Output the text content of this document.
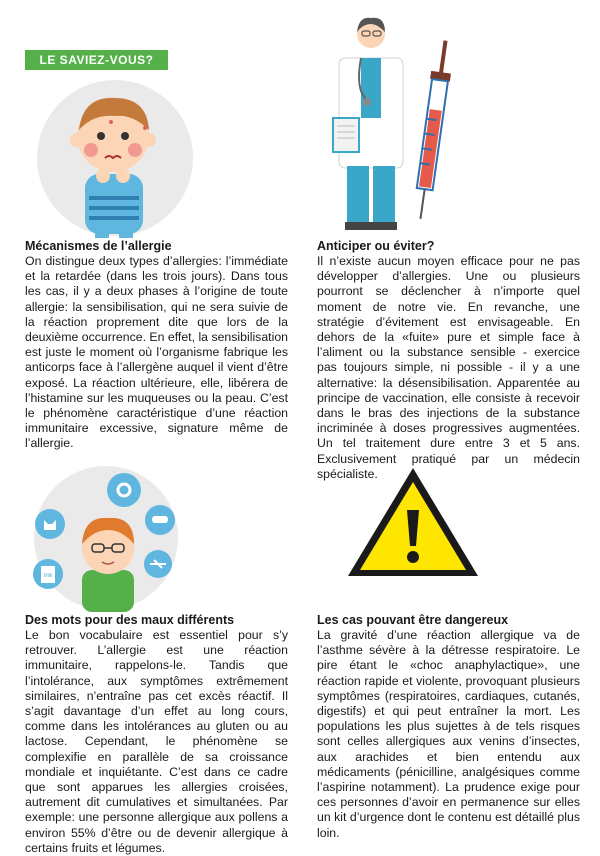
LE SAVIEZ-VOUS?
Mécanismes de l’allergie

On distingue deux types d’allergies: l’immédiate et la retardée (dans les trois jours). Dans tous les cas, il y a deux phases à l’origine de toute allergie: la sensibilisation, qui ne sera suivie de la réaction proprement dite que lors de la deuxième occurrence. En effet, la sensibilisation est juste le moment où l’organisme fabrique les anticorps face à l’allergène auquel il vient d’être exposé. La réaction ultérieure, elle, libérera de l’histamine sur les muqueuses ou la peau. C’est le phénomène caractéristique d’une réaction immunitaire excessive, signature même de l’allergie.

Anticiper ou éviter?

Il n’existe aucun moyen efficace pour ne pas développer d’allergies. Une ou plusieurs pourront se déclencher à n’importe quel moment de notre vie. En revanche, une stratégie d’évitement est envisageable. En dehors de la «fuite» pure et simple face à l’aliment ou la substance sensible - exercice pas toujours simple, ni possible - il y a une alternative: la désensibilisation. Apparentée au principe de vaccination, elle consiste à recevoir dans le bras des injections de la substance incriminée à doses progressives augmentées. Un tel traitement dure entre 3 et 5 ans. Exclusivement pratiqué par un médecin spécialiste.

Milk
Des mots pour des maux différents

Le bon vocabulaire est essentiel pour s’y retrouver. L’allergie est une réaction immunitaire, rappelons-le. Tandis que l’intolérance, aux symptômes extrêmement similaires, n’entraîne pas cet excès réactif. Il s’agit davantage d’un effet au long cours, comme dans les intolérances au gluten ou au lactose. Cependant, le phénomène se complexifie en parallèle de sa croissance mondiale et inquiétante. C’est dans ce cadre que sont apparues les allergies croisées, autrement dit cumulatives et simultanées. Par exemple: une personne allergique aux pollens a environ 55% d’être ou de devenir allergique à certains fruits et légumes.

Les cas pouvant être dangereux

La gravité d’une réaction allergique va de l’asthme sévère à la détresse respiratoire. Le pire étant le «choc anaphylactique», une réaction rapide et violente, provoquant plusieurs symptômes (respiratoires, cardiaques, cutanés, digestifs) et qui peut entraîner la mort. Les populations les plus sujettes à de tels risques sont celles allergiques aux venins d’insectes, aux arachides et bien entendu aux médicaments (pénicilline, analgésiques comme l’aspirine notamment). La prudence exige pour ces personnes d’avoir en permanence sur elles un kit d’urgence dont le contenu est détaillé plus loin.
